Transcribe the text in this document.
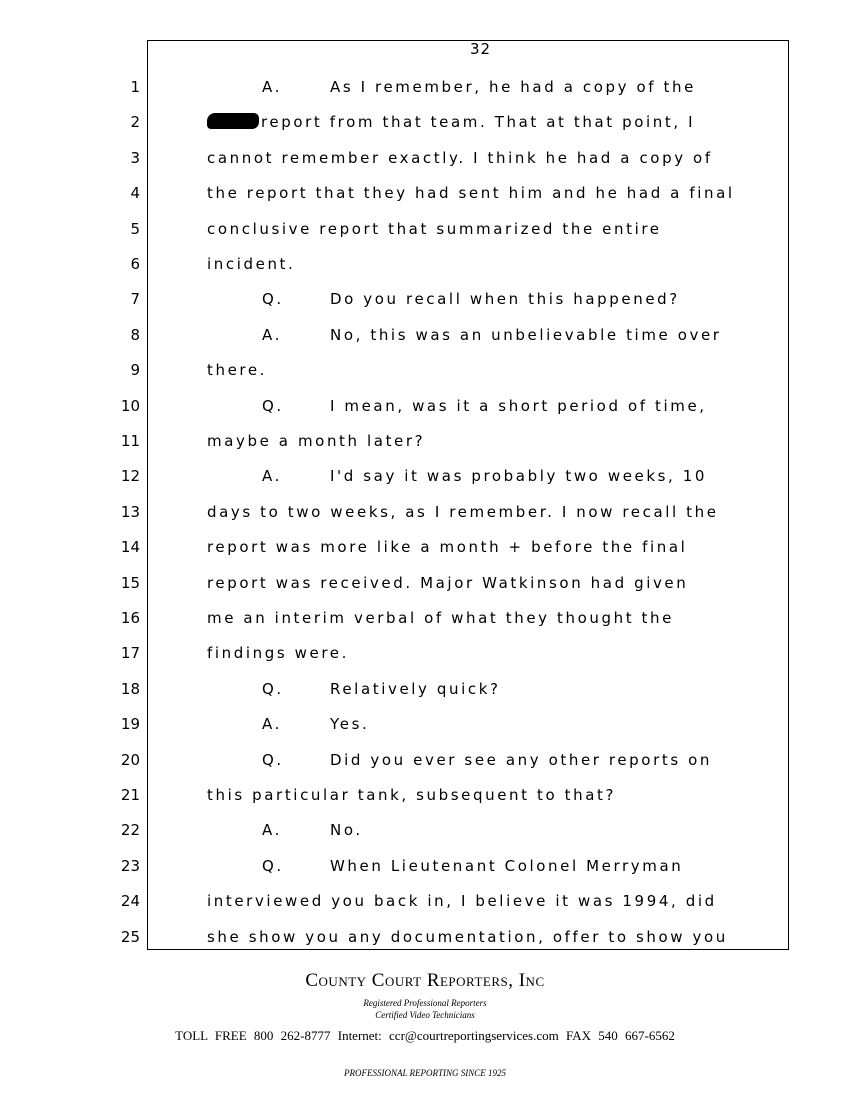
32
1	A.	As I remember, he had a copy of the
2	report from that team. That at that point, I
3	cannot remember exactly. I think he had a copy of
4	the report that they had sent him and he had a final
5	conclusive report that summarized the entire
6	incident.
7	Q.	Do you recall when this happened?
8	A.	No, this was an unbelievable time over
9	there.
10	Q.	I mean, was it a short period of time,
11	maybe a month later?
12	A.	I'd say it was probably two weeks, 10
13	days to two weeks, as I remember. I now recall the
14	report was more like a month + before the final
15	report was received. Major Watkinson had given
16	me an interim verbal of what they thought the
17	findings were.
18	Q.	Relatively quick?
19	A.	Yes.
20	Q.	Did you ever see any other reports on
21	this particular tank, subsequent to that?
22	A.	No.
23	Q.	When Lieutenant Colonel Merryman
24	interviewed you back in, I believe it was 1994, did
25	she show you any documentation, offer to show you
County Court Reporters, Inc
Registered Professional Reporters
Certified Video Technicians
TOLL FREE 800 262-8777 Internet: ccr@courtreportingservices.com FAX 540 667-6562
PROFESSIONAL REPORTING SINCE 1925
